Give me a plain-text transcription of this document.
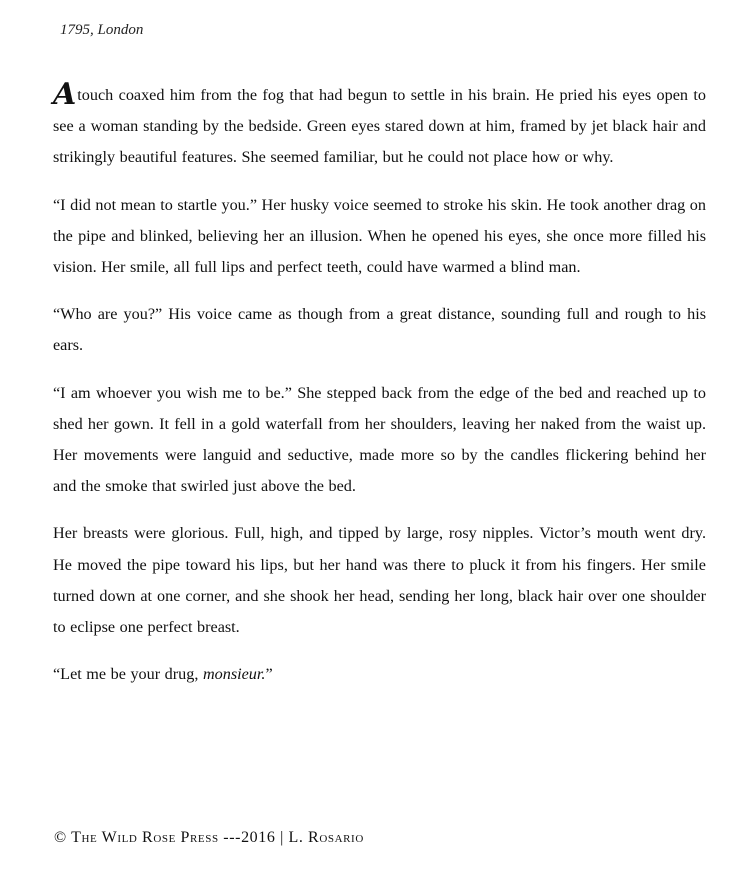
1795, London

Atouch coaxed him from the fog that had begun to settle in his brain. He pried his eyes open to see a woman standing by the bedside. Green eyes stared down at him, framed by jet black hair and strikingly beautiful features. She seemed familiar, but he could not place how or why.

“I did not mean to startle you.” Her husky voice seemed to stroke his skin. He took another drag on the pipe and blinked, believing her an illusion. When he opened his eyes, she once more filled his vision. Her smile, all full lips and perfect teeth, could have warmed a blind man.

“Who are you?” His voice came as though from a great distance, sounding full and rough to his ears.

“I am whoever you wish me to be.” She stepped back from the edge of the bed and reached up to shed her gown. It fell in a gold waterfall from her shoulders, leaving her naked from the waist up. Her movements were languid and seductive, made more so by the candles flickering behind her and the smoke that swirled just above the bed.

Her breasts were glorious. Full, high, and tipped by large, rosy nipples. Victor’s mouth went dry. He moved the pipe toward his lips, but her hand was there to pluck it from his fingers. Her smile turned down at one corner, and she shook her head, sending her long, black hair over one shoulder to eclipse one perfect breast.

“Let me be your drug, monsieur.”

© The Wild Rose Press ---2016 | L. Rosario
